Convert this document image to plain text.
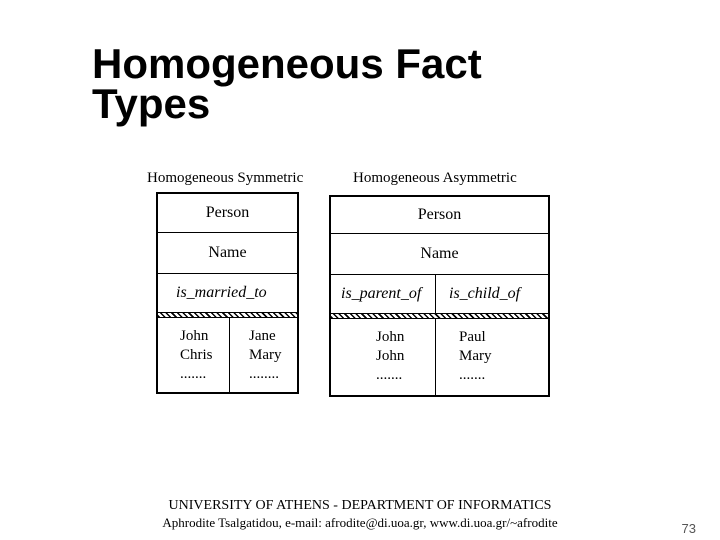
Homogeneous Fact
Types
Homogeneous Symmetric
Person
Name
is_married_to
John
Chris
.......
Jane
Mary
........
Homogeneous Asymmetric
Person
Name
is_parent_of is_child_of
John
John
.......
Paul
Mary
.......
UNIVERSITY OF ATHENS - DEPARTMENT OF INFORMATICS
Aphrodite Tsalgatidou, e-mail: afrodite@di.uoa.gr, www.di.uoa.gr/~afrodite	73
